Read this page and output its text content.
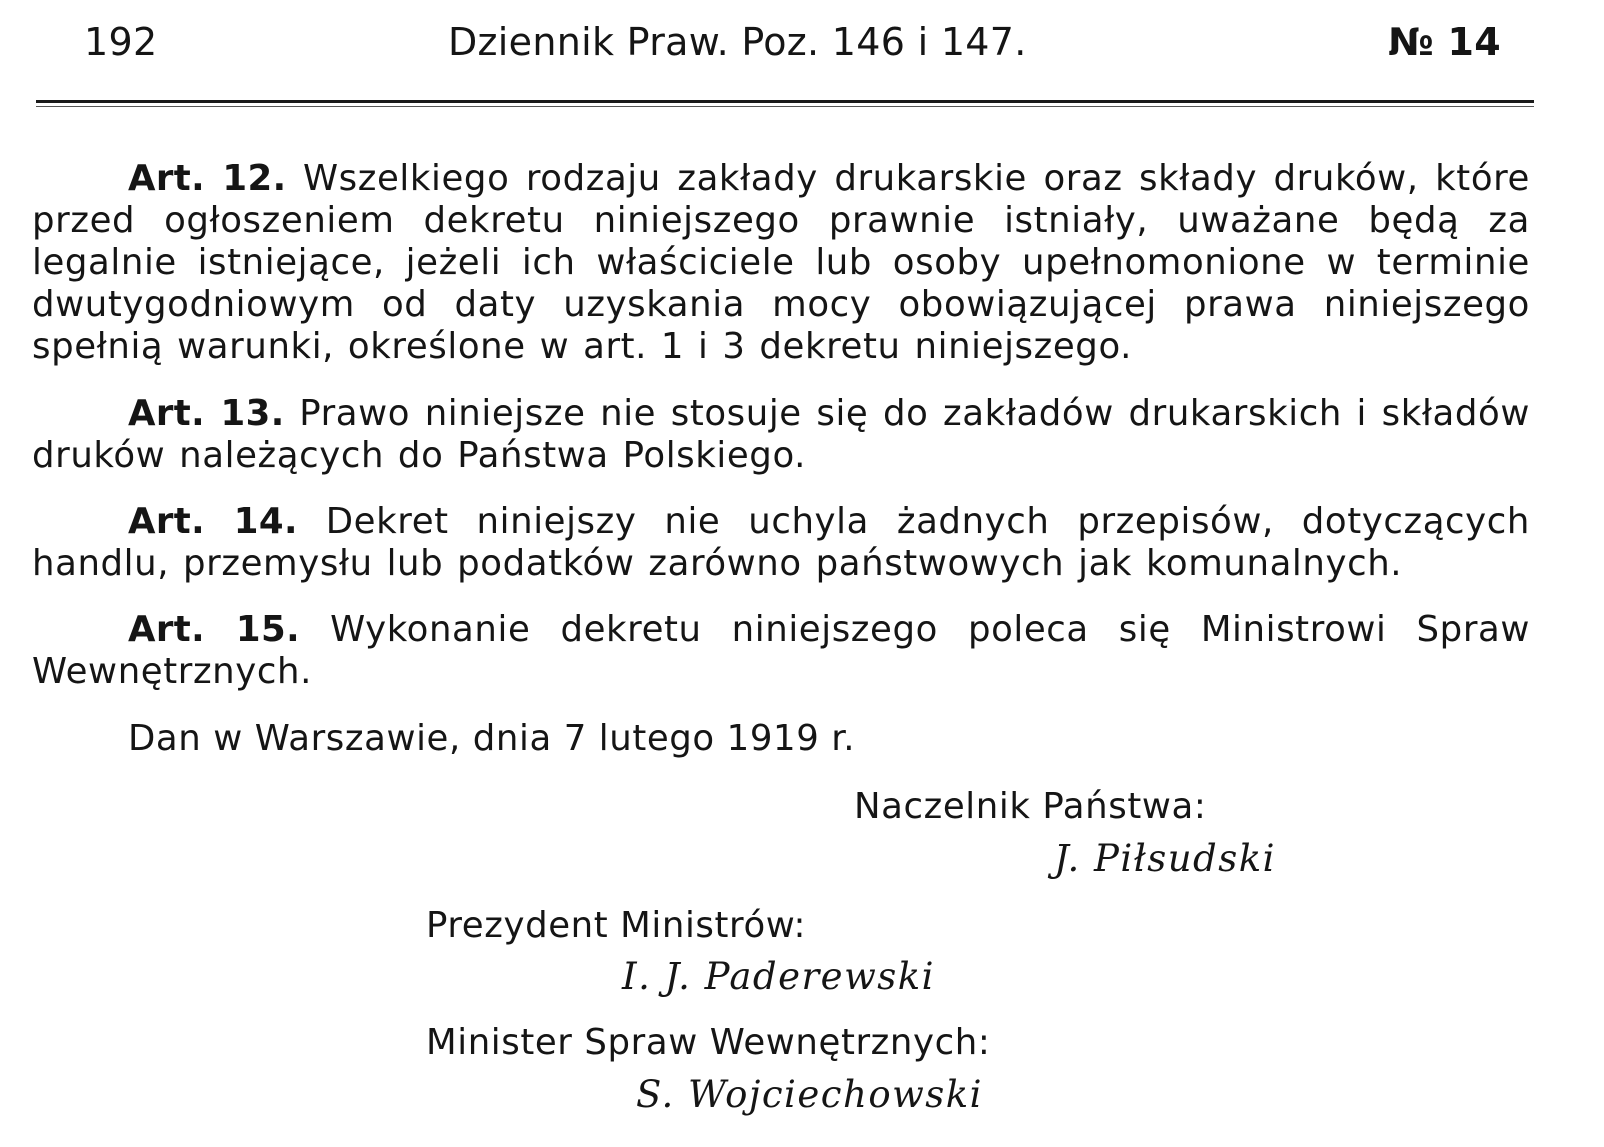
192	Dziennik Praw. Poz. 146 i 147.	№ 14

Art. 12. Wszelkiego rodzaju zakłady drukarskie oraz składy druków, które przed ogłoszeniem dekretu niniejszego prawnie istniały, uważane będą za legalnie istniejące, jeżeli ich właściciele lub osoby upełnomonione w terminie dwutygodniowym od daty uzyskania mocy obowiązującej prawa niniejszego spełnią warunki, określone w art. 1 i 3 dekretu niniejszego.

Art. 13. Prawo niniejsze nie stosuje się do zakładów drukarskich i składów druków należących do Państwa Polskiego.

Art. 14. Dekret niniejszy nie uchyla żadnych przepisów, dotyczących handlu, przemysłu lub podatków zarówno państwowych jak komunalnych.

Art. 15. Wykonanie dekretu niniejszego poleca się Ministrowi Spraw Wewnętrznych.

Dan w Warszawie, dnia 7 lutego 1919 r.
Naczelnik Państwa:
J. Piłsudski
Prezydent Ministrów:
I. J. Paderewski
Minister Spraw Wewnętrznych:
S. Wojciechowski
